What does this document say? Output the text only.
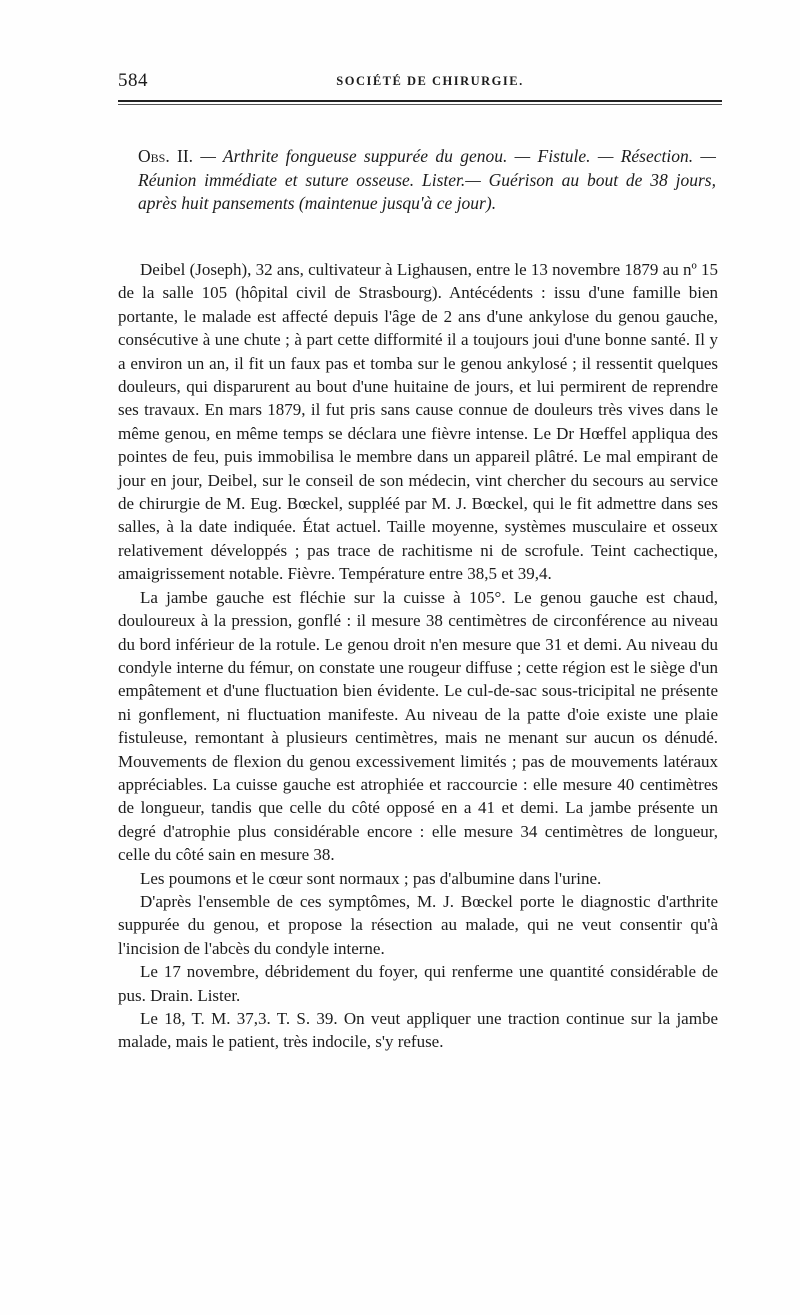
584	SOCIÉTÉ DE CHIRURGIE.
Obs. II. — Arthrite fongueuse suppurée du genou. — Fistule. — Résection. — Réunion immédiate et suture osseuse. Lister.— Guérison au bout de 38 jours, après huit pansements (maintenue jusqu'à ce jour).

Deibel (Joseph), 32 ans, cultivateur à Lighausen, entre le 13 novembre 1879 au nº 15 de la salle 105 (hôpital civil de Strasbourg). Antécédents : issu d'une famille bien portante, le malade est affecté depuis l'âge de 2 ans d'une ankylose du genou gauche, consécutive à une chute ; à part cette difformité il a toujours joui d'une bonne santé. Il y a environ un an, il fit un faux pas et tomba sur le genou ankylosé ; il ressentit quelques douleurs, qui disparurent au bout d'une huitaine de jours, et lui permirent de reprendre ses travaux. En mars 1879, il fut pris sans cause connue de douleurs très vives dans le même genou, en même temps se déclara une fièvre intense. Le Dr Hœffel appliqua des pointes de feu, puis immobilisa le membre dans un appareil plâtré. Le mal empirant de jour en jour, Deibel, sur le conseil de son médecin, vint chercher du secours au service de chirurgie de M. Eug. Bœckel, suppléé par M. J. Bœckel, qui le fit admettre dans ses salles, à la date indiquée. État actuel. Taille moyenne, systèmes musculaire et osseux relativement développés ; pas trace de rachitisme ni de scrofule. Teint cachectique, amaigrissement notable. Fièvre. Température entre 38,5 et 39,4.

La jambe gauche est fléchie sur la cuisse à 105°. Le genou gauche est chaud, douloureux à la pression, gonflé : il mesure 38 centimètres de circonférence au niveau du bord inférieur de la rotule. Le genou droit n'en mesure que 31 et demi. Au niveau du condyle interne du fémur, on constate une rougeur diffuse ; cette région est le siège d'un empâtement et d'une fluctuation bien évidente. Le cul-de-sac sous-tricipital ne présente ni gonflement, ni fluctuation manifeste. Au niveau de la patte d'oie existe une plaie fistuleuse, remontant à plusieurs centimètres, mais ne menant sur aucun os dénudé. Mouvements de flexion du genou excessivement limités ; pas de mouvements latéraux appréciables. La cuisse gauche est atrophiée et raccourcie : elle mesure 40 centimètres de longueur, tandis que celle du côté opposé en a 41 et demi. La jambe présente un degré d'atrophie plus considérable encore : elle mesure 34 centimètres de longueur, celle du côté sain en mesure 38.

Les poumons et le cœur sont normaux ; pas d'albumine dans l'urine.

D'après l'ensemble de ces symptômes, M. J. Bœckel porte le diagnostic d'arthrite suppurée du genou, et propose la résection au malade, qui ne veut consentir qu'à l'incision de l'abcès du condyle interne.

Le 17 novembre, débridement du foyer, qui renferme une quantité considérable de pus. Drain. Lister.

Le 18, T. M. 37,3. T. S. 39. On veut appliquer une traction continue sur la jambe malade, mais le patient, très indocile, s'y refuse.
